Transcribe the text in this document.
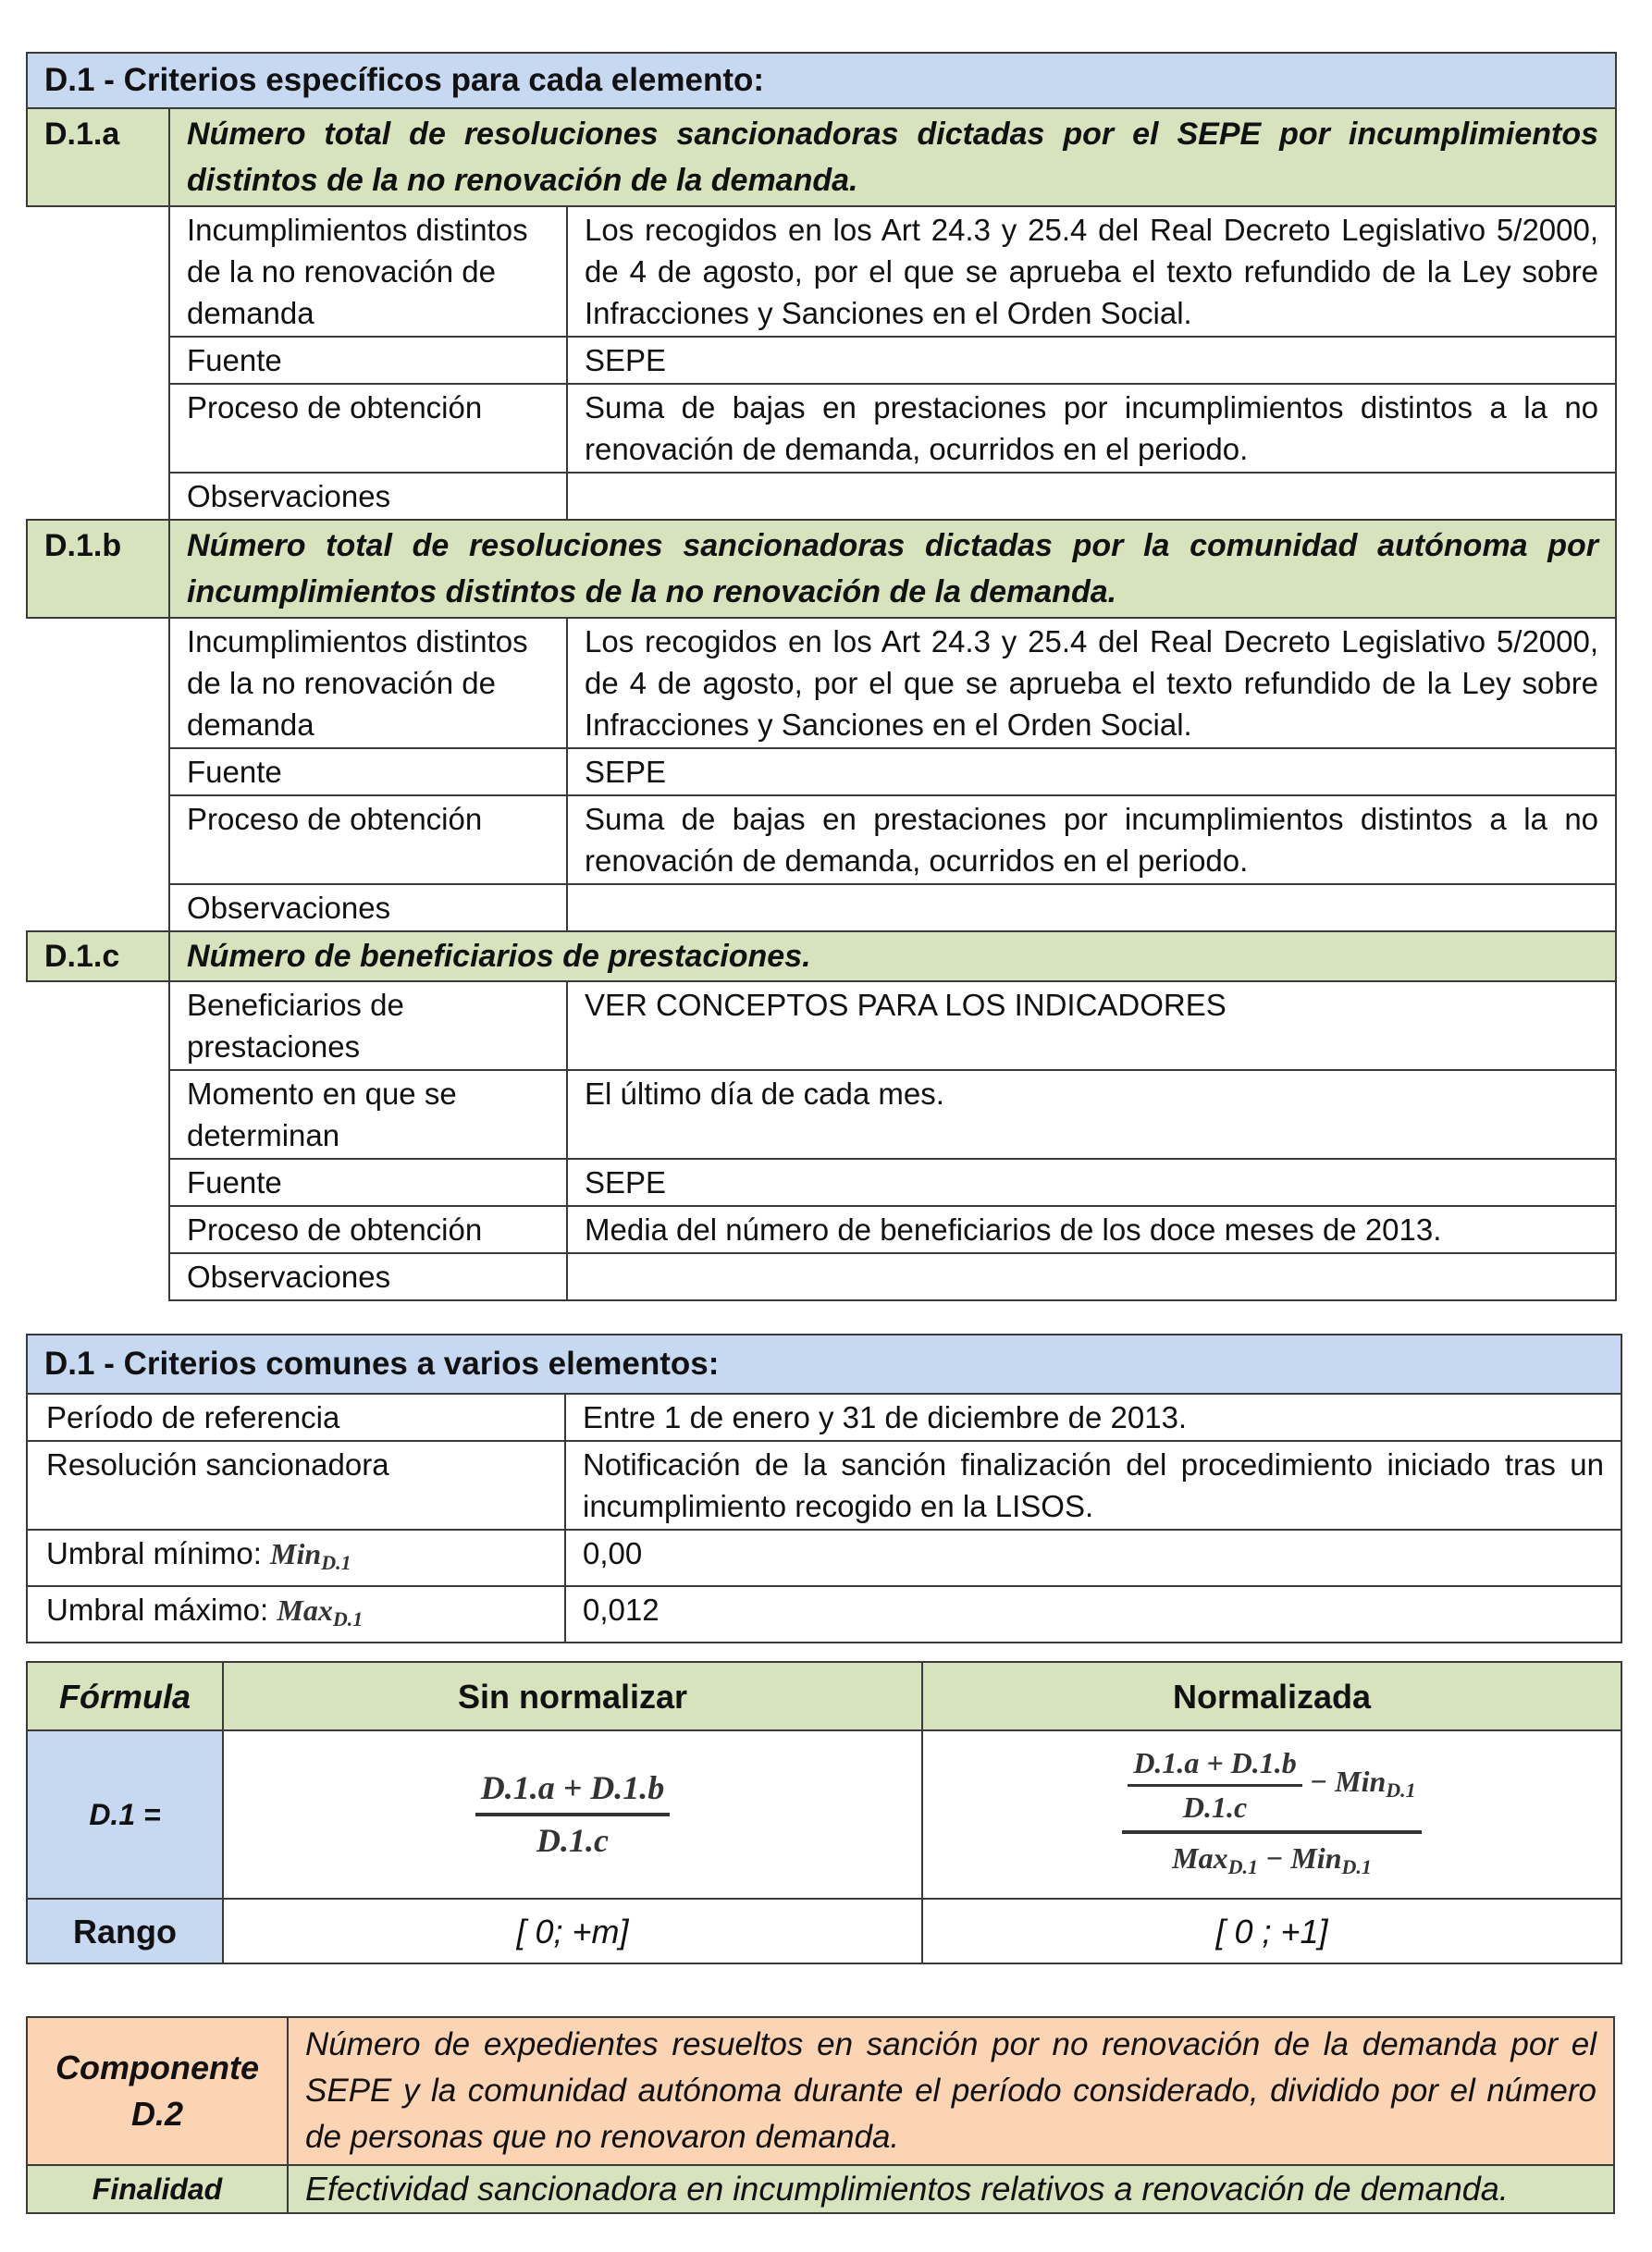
D.1 - Criterios específicos para cada elemento:		
D.1.a	Número total de resoluciones sancionadoras dictadas por el SEPE por incumplimientos distintos de la no renovación de la demanda.	
	Incumplimientos distintos de la no renovación de demanda	Los recogidos en los Art 24.3 y 25.4 del Real Decreto Legislativo 5/2000, de 4 de agosto, por el que se aprueba el texto refundido de la Ley sobre Infracciones y Sanciones en el Orden Social.
	Fuente	SEPE
	Proceso de obtención	Suma de bajas en prestaciones por incumplimientos distintos a la no renovación de demanda, ocurridos en el periodo.
	Observaciones	
D.1.b	Número total de resoluciones sancionadoras dictadas por la comunidad autónoma por incumplimientos distintos de la no renovación de la demanda.	
	Incumplimientos distintos de la no renovación de demanda	Los recogidos en los Art 24.3 y 25.4 del Real Decreto Legislativo 5/2000, de 4 de agosto, por el que se aprueba el texto refundido de la Ley sobre Infracciones y Sanciones en el Orden Social.
	Fuente	SEPE
	Proceso de obtención	Suma de bajas en prestaciones por incumplimientos distintos a la no renovación de demanda, ocurridos en el periodo.
	Observaciones	
D.1.c	Número de beneficiarios de prestaciones.	
	Beneficiarios de prestaciones	VER CONCEPTOS PARA LOS INDICADORES
	Momento en que se determinan	El último día de cada mes.
	Fuente	SEPE
	Proceso de obtención	Media del número de beneficiarios de los doce meses de 2013.
	Observaciones	
D.1 - Criterios comunes a varios elementos:	
Período de referencia	Entre 1 de enero y 31 de diciembre de 2013.
Resolución sancionadora	Notificación de la sanción finalización del procedimiento iniciado tras un incumplimiento recogido en la LISOS.
Umbral mínimo: Min$_{D.1}$	0,00
Umbral máximo: Max$_{D.1}$	0,012
Fórmula	Sin normalizar	Normalizada
D.1 =	$\frac{D.1.a + D.1.b}{D.1.c}$	$\frac{D.1.a + D.1.b}{D.1.c} - Min_{D.1}$
Max$_{D.1}$ − Min$_{D.1}$

Rango	[ 0; +m]	[ 0 ; +1]
Componente
D.2	Número de expedientes resueltos en sanción por no renovación de la demanda por el SEPE y la comunidad autónoma durante el período considerado, dividido por el número de personas que no renovaron demanda.
Finalidad	Efectividad sancionadora en incumplimientos relativos a renovación de demanda.
